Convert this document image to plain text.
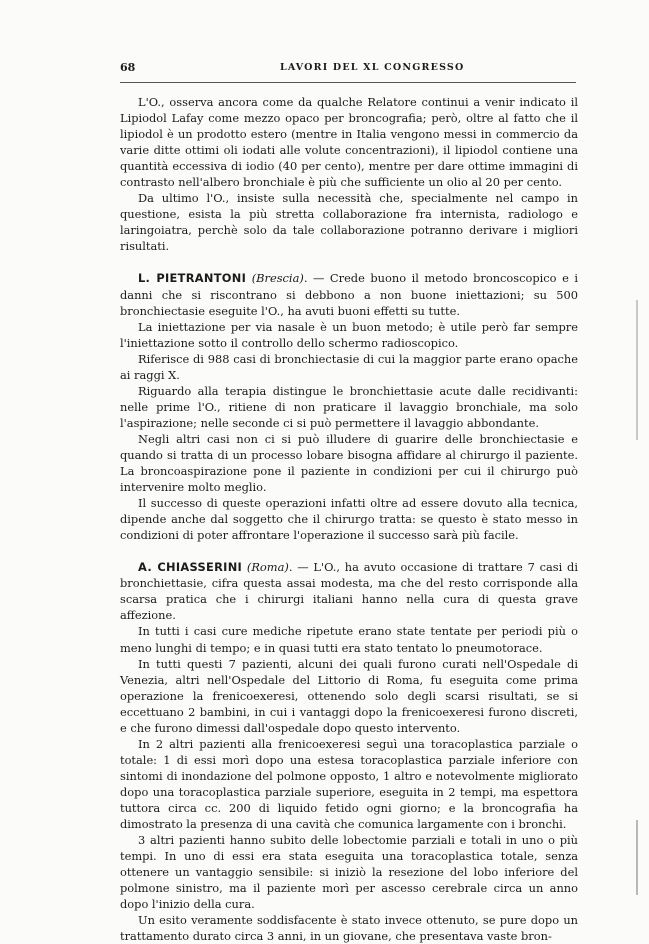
68	LAVORI DEL XL CONGRESSO

L'O., osserva ancora come da qualche Relatore continui a venir indicato il Lipiodol Lafay come mezzo opaco per broncografia; però, oltre al fatto che il lipiodol è un prodotto estero (mentre in Italia vengono messi in commercio da varie ditte ottimi oli iodati alle volute concentrazioni), il lipiodol contiene una quantità eccessiva di iodio (40 per cento), mentre per dare ottime immagini di contrasto nell'albero bronchiale è più che sufficiente un olio al 20 per cento.

Da ultimo l'O., insiste sulla necessità che, specialmente nel campo in questione, esista la più stretta collaborazione fra internista, radiologo e laringoiatra, perchè solo da tale collaborazione potranno derivare i migliori risultati.

L. PIETRANTONI (Brescia). — Crede buono il metodo broncoscopico e i danni che si riscontrano si debbono a non buone iniettazioni; su 500 bronchiectasie eseguite l'O., ha avuti buoni effetti su tutte.

La iniettazione per via nasale è un buon metodo; è utile però far sempre l'iniettazione sotto il controllo dello schermo radioscopico.

Riferisce di 988 casi di bronchiectasie di cui la maggior parte erano opache ai raggi X.

Riguardo alla terapia distingue le bronchiettasie acute dalle recidivanti: nelle prime l'O., ritiene di non praticare il lavaggio bronchiale, ma solo l'aspirazione; nelle seconde ci si può permettere il lavaggio abbondante.

Negli altri casi non ci si può illudere di guarire delle bronchiectasie e quando si tratta di un processo lobare bisogna affidare al chirurgo il paziente. La broncoaspirazione pone il paziente in condizioni per cui il chirurgo può intervenire molto meglio.

Il successo di queste operazioni infatti oltre ad essere dovuto alla tecnica, dipende anche dal soggetto che il chirurgo tratta: se questo è stato messo in condizioni di poter affrontare l'operazione il successo sarà più facile.

A. CHIASSERINI (Roma). — L'O., ha avuto occasione di trattare 7 casi di bronchiettasie, cifra questa assai modesta, ma che del resto corrisponde alla scarsa pratica che i chirurgi italiani hanno nella cura di questa grave affezione.

In tutti i casi cure mediche ripetute erano state tentate per periodi più o meno lunghi di tempo; e in quasi tutti era stato tentato lo pneumotorace.

In tutti questi 7 pazienti, alcuni dei quali furono curati nell'Ospedale di Venezia, altri nell'Ospedale del Littorio di Roma, fu eseguita come prima operazione la frenicoexeresi, ottenendo solo degli scarsi risultati, se si eccettuano 2 bambini, in cui i vantaggi dopo la frenicoexeresi furono discreti, e che furono dimessi dall'ospedale dopo questo intervento.

In 2 altri pazienti alla frenicoexeresi seguì una toracoplastica parziale o totale: 1 di essi morì dopo una estesa toracoplastica parziale inferiore con sintomi di inondazione del polmone opposto, 1 altro e notevolmente migliorato dopo una toracoplastica parziale superiore, eseguita in 2 tempi, ma espettora tuttora circa cc. 200 di liquido fetido ogni giorno; e la broncografia ha dimostrato la presenza di una cavità che comunica largamente con i bronchi.

3 altri pazienti hanno subito delle lobectomie parziali e totali in uno o più tempi. In uno di essi era stata eseguita una toracoplastica totale, senza ottenere un vantaggio sensibile: si iniziò la resezione del lobo inferiore del polmone sinistro, ma il paziente morì per ascesso cerebrale circa un anno dopo l'inizio della cura.

Un esito veramente soddisfacente è stato invece ottenuto, se pure dopo un trattamento durato circa 3 anni, in un giovane, che presentava vaste bron-
